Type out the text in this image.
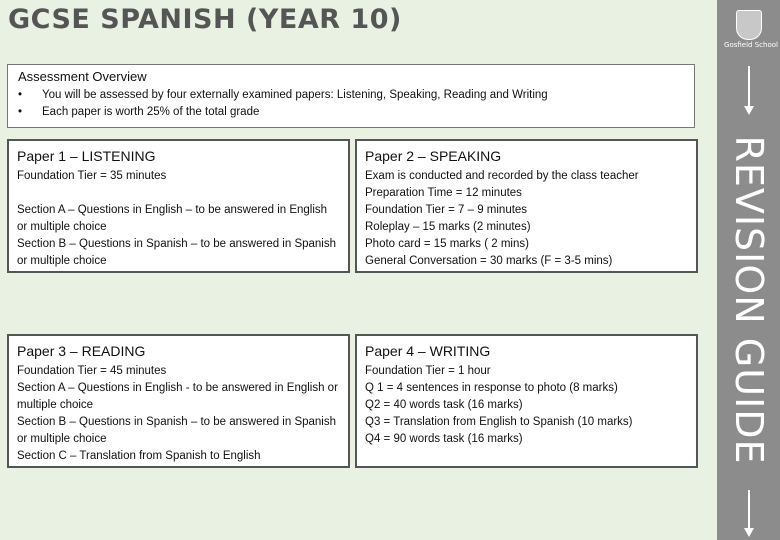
GCSE SPANISH (YEAR 10)
Assessment Overview
• You will be assessed by four externally examined papers: Listening, Speaking, Reading and Writing
• Each paper is worth 25% of the total grade
Paper 1 – LISTENING

Foundation Tier = 35 minutes

Section A – Questions in English – to be answered in English or multiple choice

Section B – Questions in Spanish – to be answered in Spanish or multiple choice

Paper 2 – SPEAKING

Exam is conducted and recorded by the class teacher

Preparation Time = 12 minutes

Foundation Tier = 7 – 9 minutes

Roleplay – 15 marks (2 minutes)

Photo card = 15 marks ( 2 mins)

General Conversation = 30 marks (F = 3-5 mins)

Paper 3 – READING

Foundation Tier = 45 minutes

Section A – Questions in English - to be answered in English or multiple choice

Section B – Questions in Spanish – to be answered in Spanish or multiple choice

Section C – Translation from Spanish to English

Paper 4 – WRITING

Foundation Tier = 1 hour

Q 1 = 4 sentences in response to photo (8 marks)

Q2 = 40 words task (16 marks)

Q3 = Translation from English to Spanish (10 marks)

Q4 = 90 words task (16 marks)

Gosfield School
REVISION GUIDE
